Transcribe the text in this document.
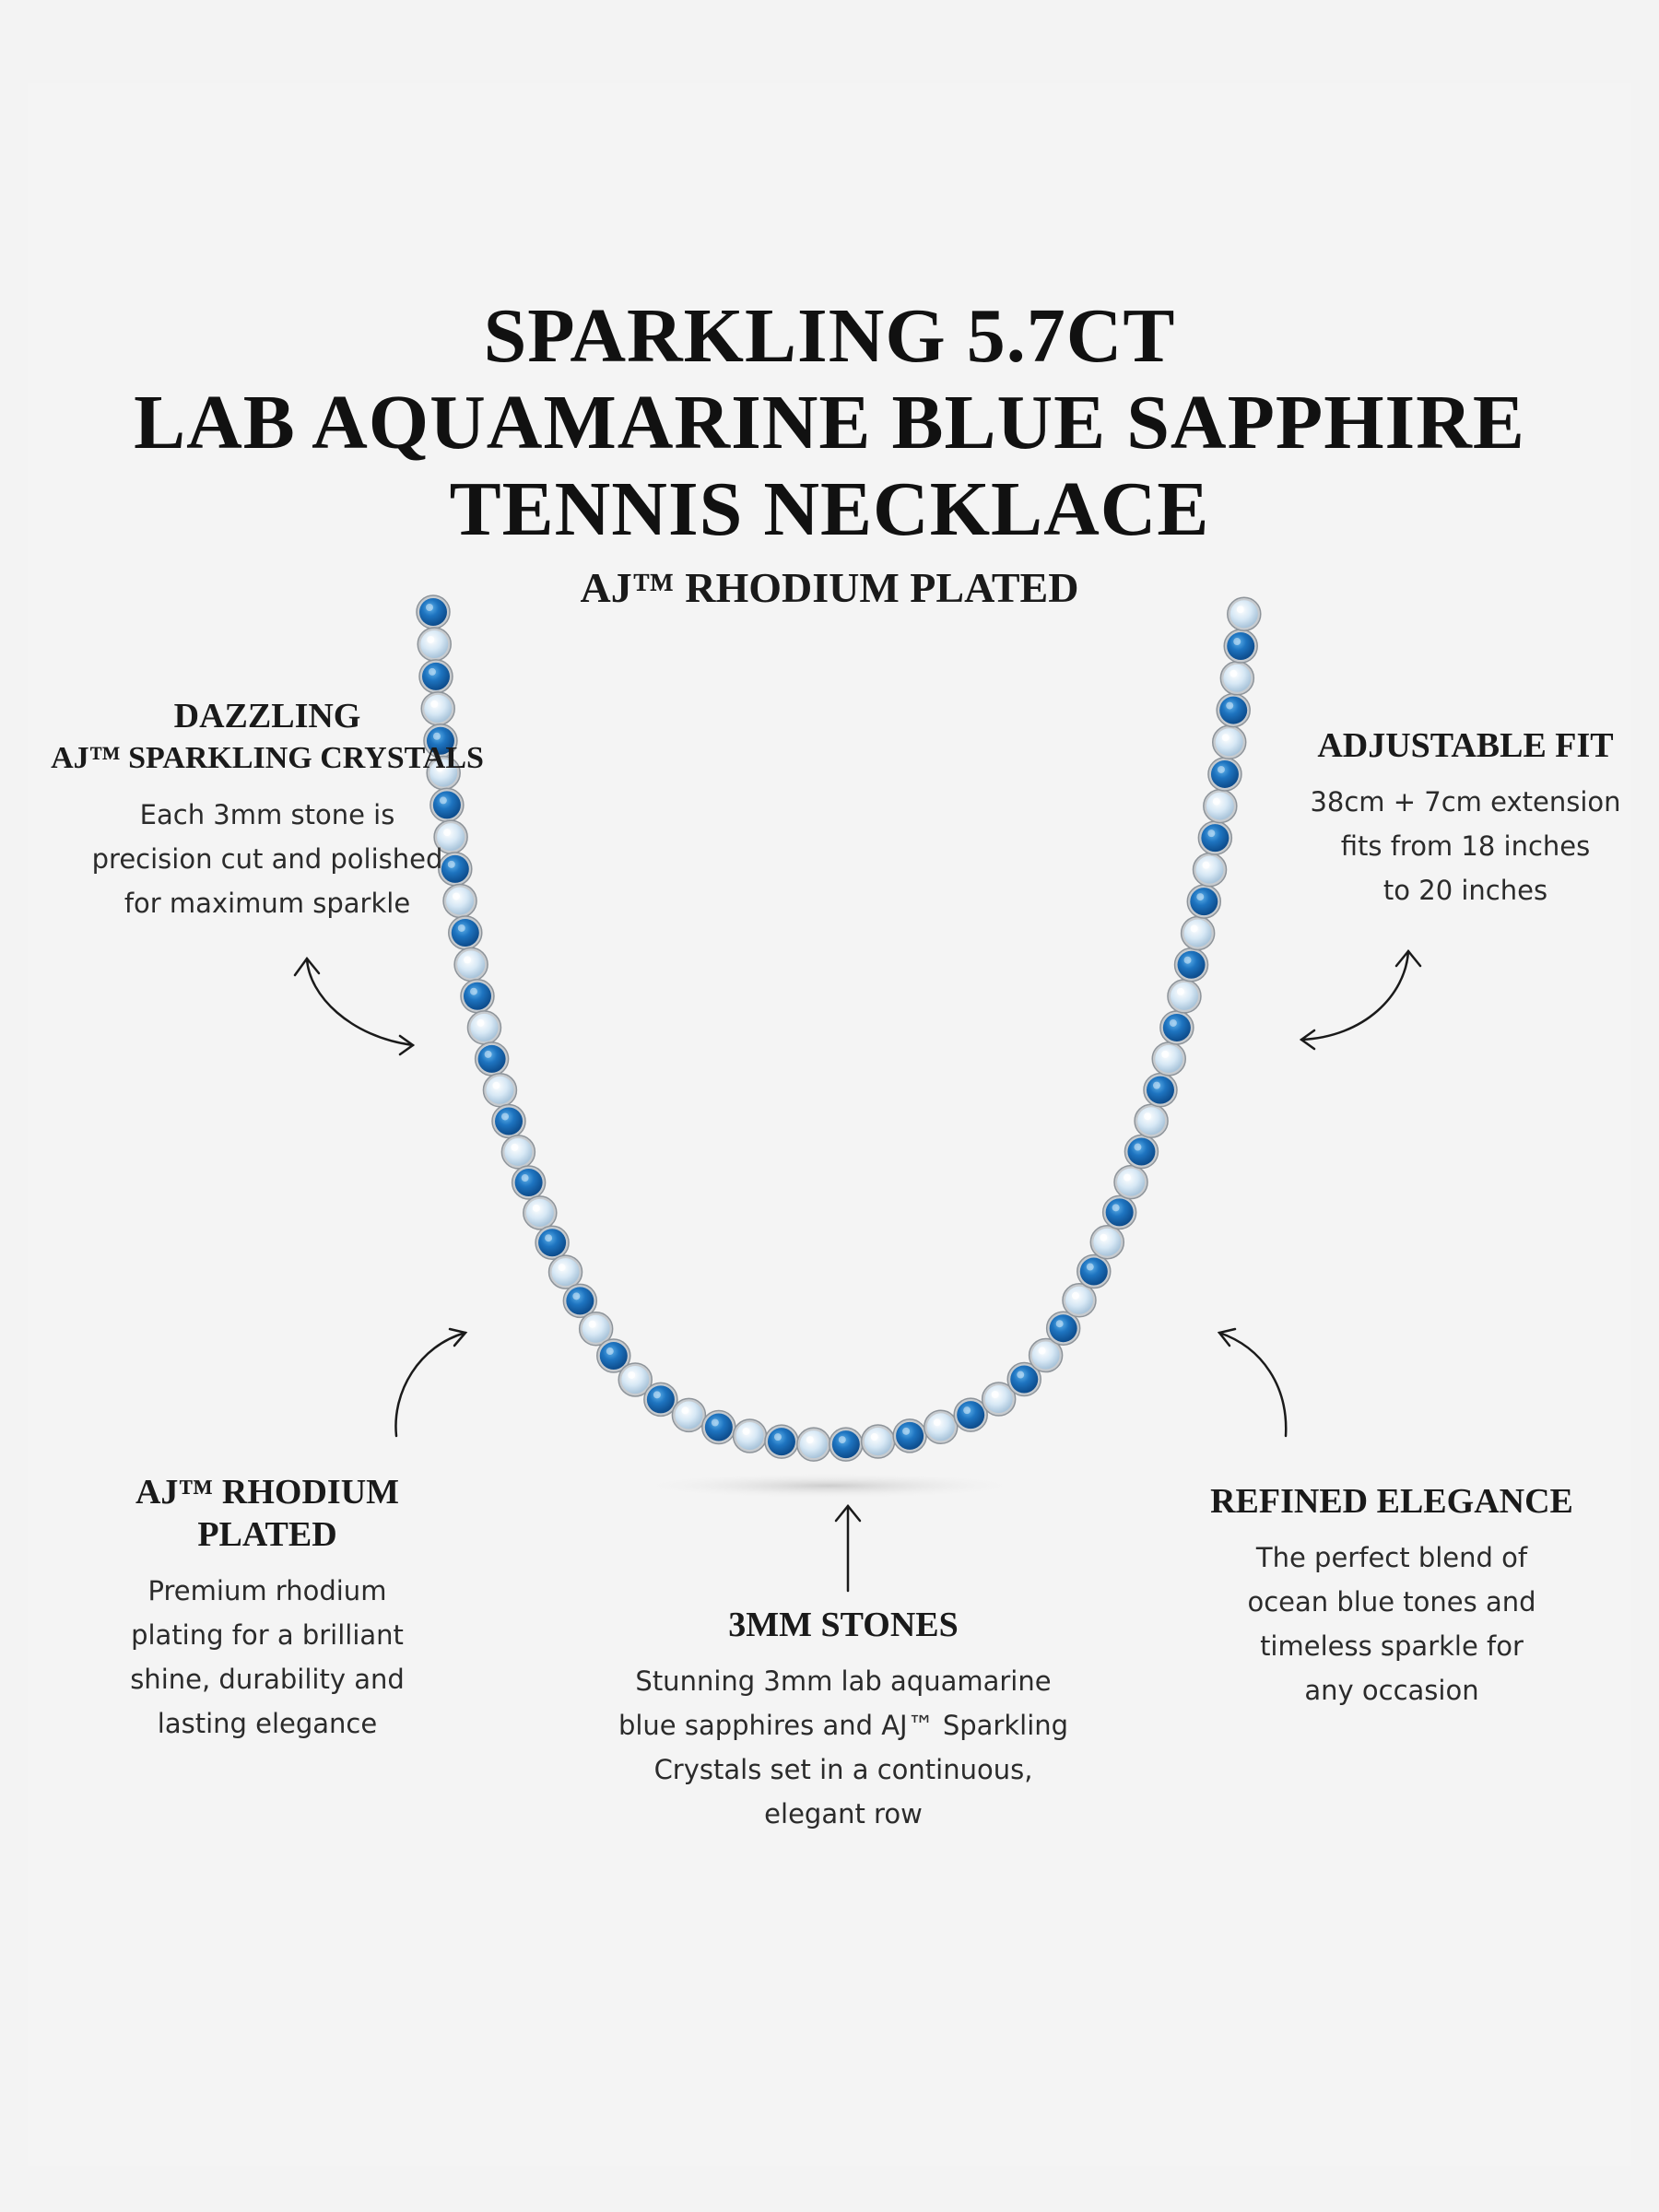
SPARKLING 5.7CT
LAB AQUAMARINE BLUE SAPPHIRE
TENNIS NECKLACE
AJ™ RHODIUM PLATED
DAZZLING
AJ™ SPARKLING CRYSTALS
Each 3mm stone is
precision cut and polished
for maximum sparkle
ADJUSTABLE FIT
38cm + 7cm extension
fits from 18 inches
to 20 inches
AJ™ RHODIUM
PLATED
Premium rhodium
plating for a brilliant
shine, durability and
lasting elegance
3MM STONES
Stunning 3mm lab aquamarine
blue sapphires and AJ™ Sparkling
Crystals set in a continuous,
elegant row
REFINED ELEGANCE
The perfect blend of
ocean blue tones and
timeless sparkle for
any occasion
